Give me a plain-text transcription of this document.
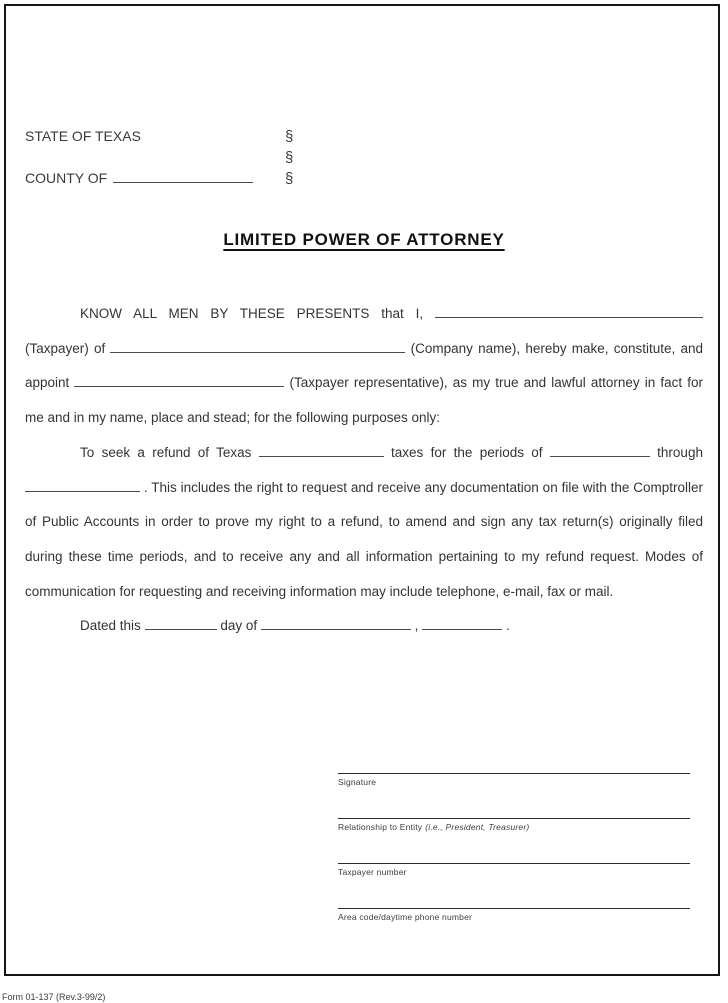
STATE OF TEXAS	§
§
COUNTY OF	§
LIMITED POWER OF ATTORNEY

KNOW ALL MEN BY THESE PRESENTS that I,  (Taxpayer) of	(Company name), hereby make, constitute, and appoint	(Taxpayer representative), as my true and lawful attorney in fact for me and in my name, place and stead; for the following purposes only:

To seek a refund of Texas	taxes for the periods of	through  . This includes the right to request and receive any documentation on file with the Comptroller of Public Accounts in order to prove my right to a refund, to amend and sign any tax return(s) originally filed during these time periods, and to receive any and all information pertaining to my refund request. Modes of communication for requesting and receiving information may include telephone, e-mail, fax or mail.

Dated this	day of	,	.

Signature
Relationship to Entity (i.e., President, Treasurer)
Taxpayer number
Area code/daytime phone number
Form 01-137 (Rev.3-99/2)
